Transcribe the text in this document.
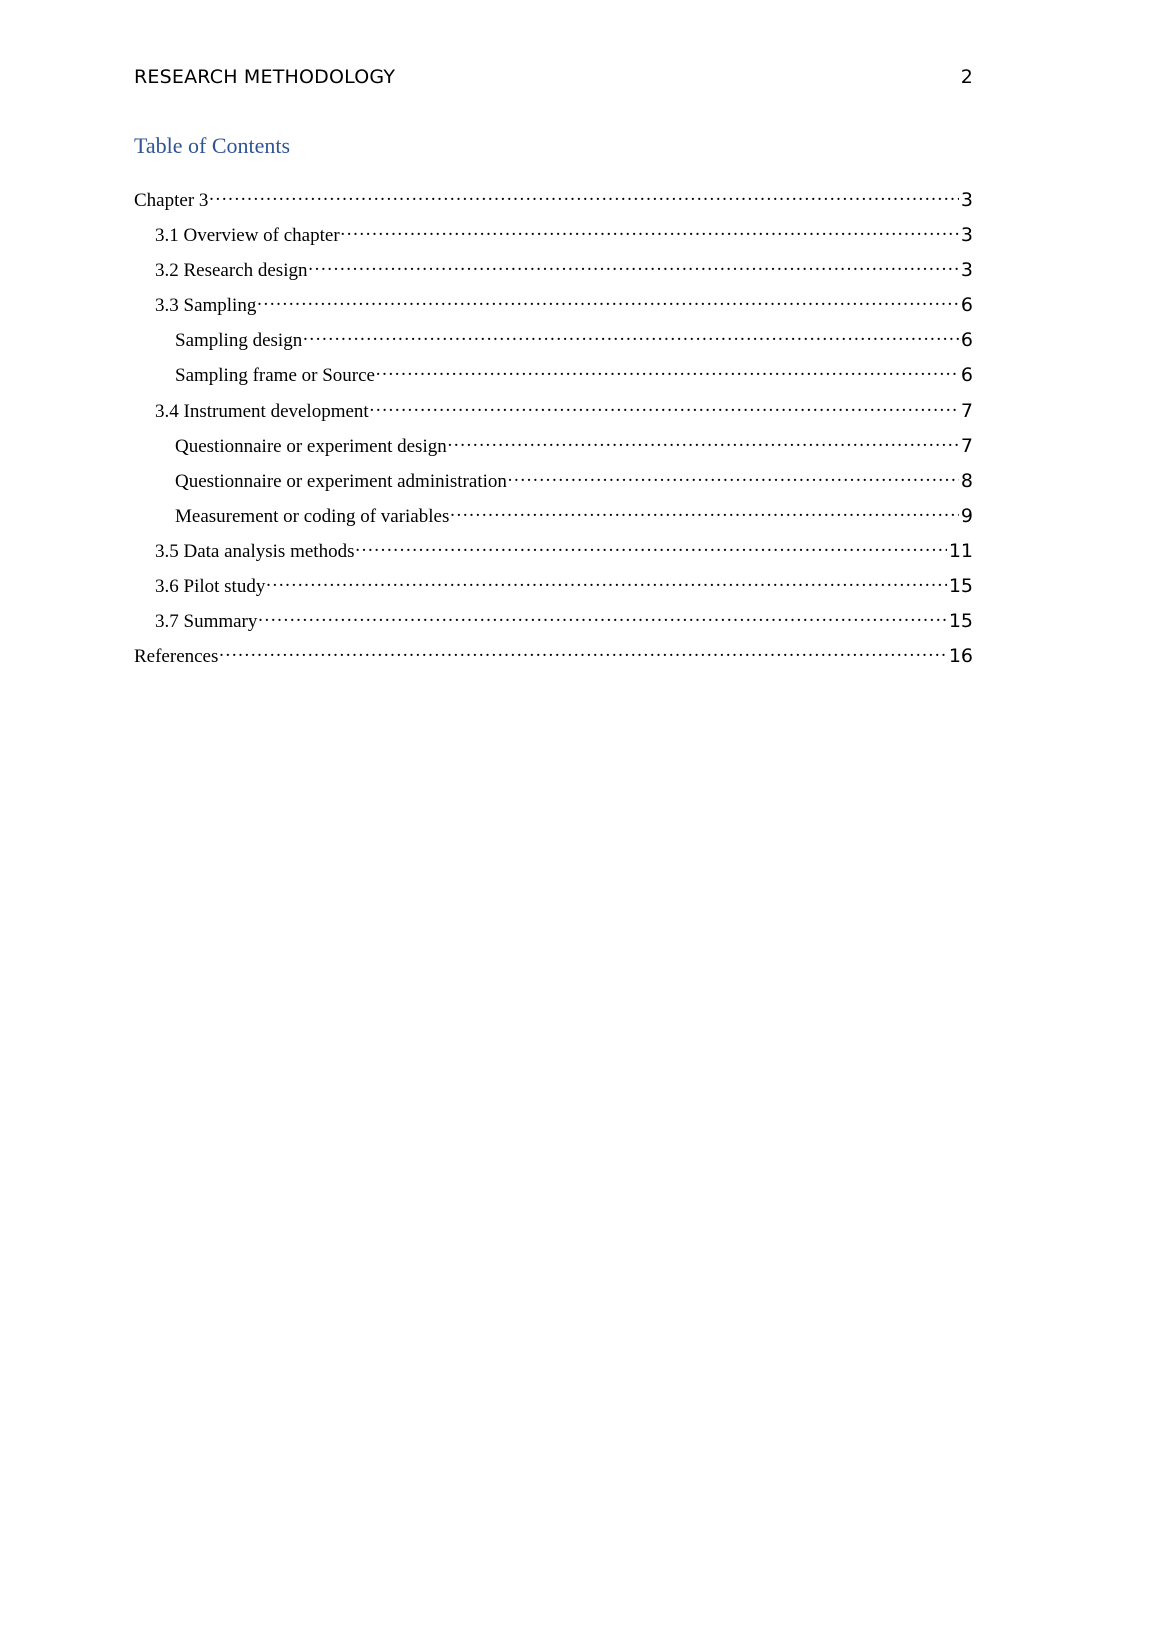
RESEARCH METHODOLOGY	2
Table of Contents
Chapter 3 ……………………………………………………………………………………………………………………………………………………………………………………………	3
3.1 Overview of chapter ……………………………………………………………………………………………………………………………………………………………………………………………	3
3.2 Research design ……………………………………………………………………………………………………………………………………………………………………………………………	3
3.3 Sampling ……………………………………………………………………………………………………………………………………………………………………………………………	6
Sampling design ……………………………………………………………………………………………………………………………………………………………………………………………	6
Sampling frame or Source ……………………………………………………………………………………………………………………………………………………………………………………………	6
3.4 Instrument development ……………………………………………………………………………………………………………………………………………………………………………………………	7
Questionnaire or experiment design ……………………………………………………………………………………………………………………………………………………………………………………………	7
Questionnaire or experiment administration ……………………………………………………………………………………………………………………………………………………………………………………………	8
Measurement or coding of variables ……………………………………………………………………………………………………………………………………………………………………………………………	9
3.5 Data analysis methods ……………………………………………………………………………………………………………………………………………………………………………………………	11
3.6 Pilot study ……………………………………………………………………………………………………………………………………………………………………………………………	15
3.7 Summary ……………………………………………………………………………………………………………………………………………………………………………………………	15
References ……………………………………………………………………………………………………………………………………………………………………………………………	16
